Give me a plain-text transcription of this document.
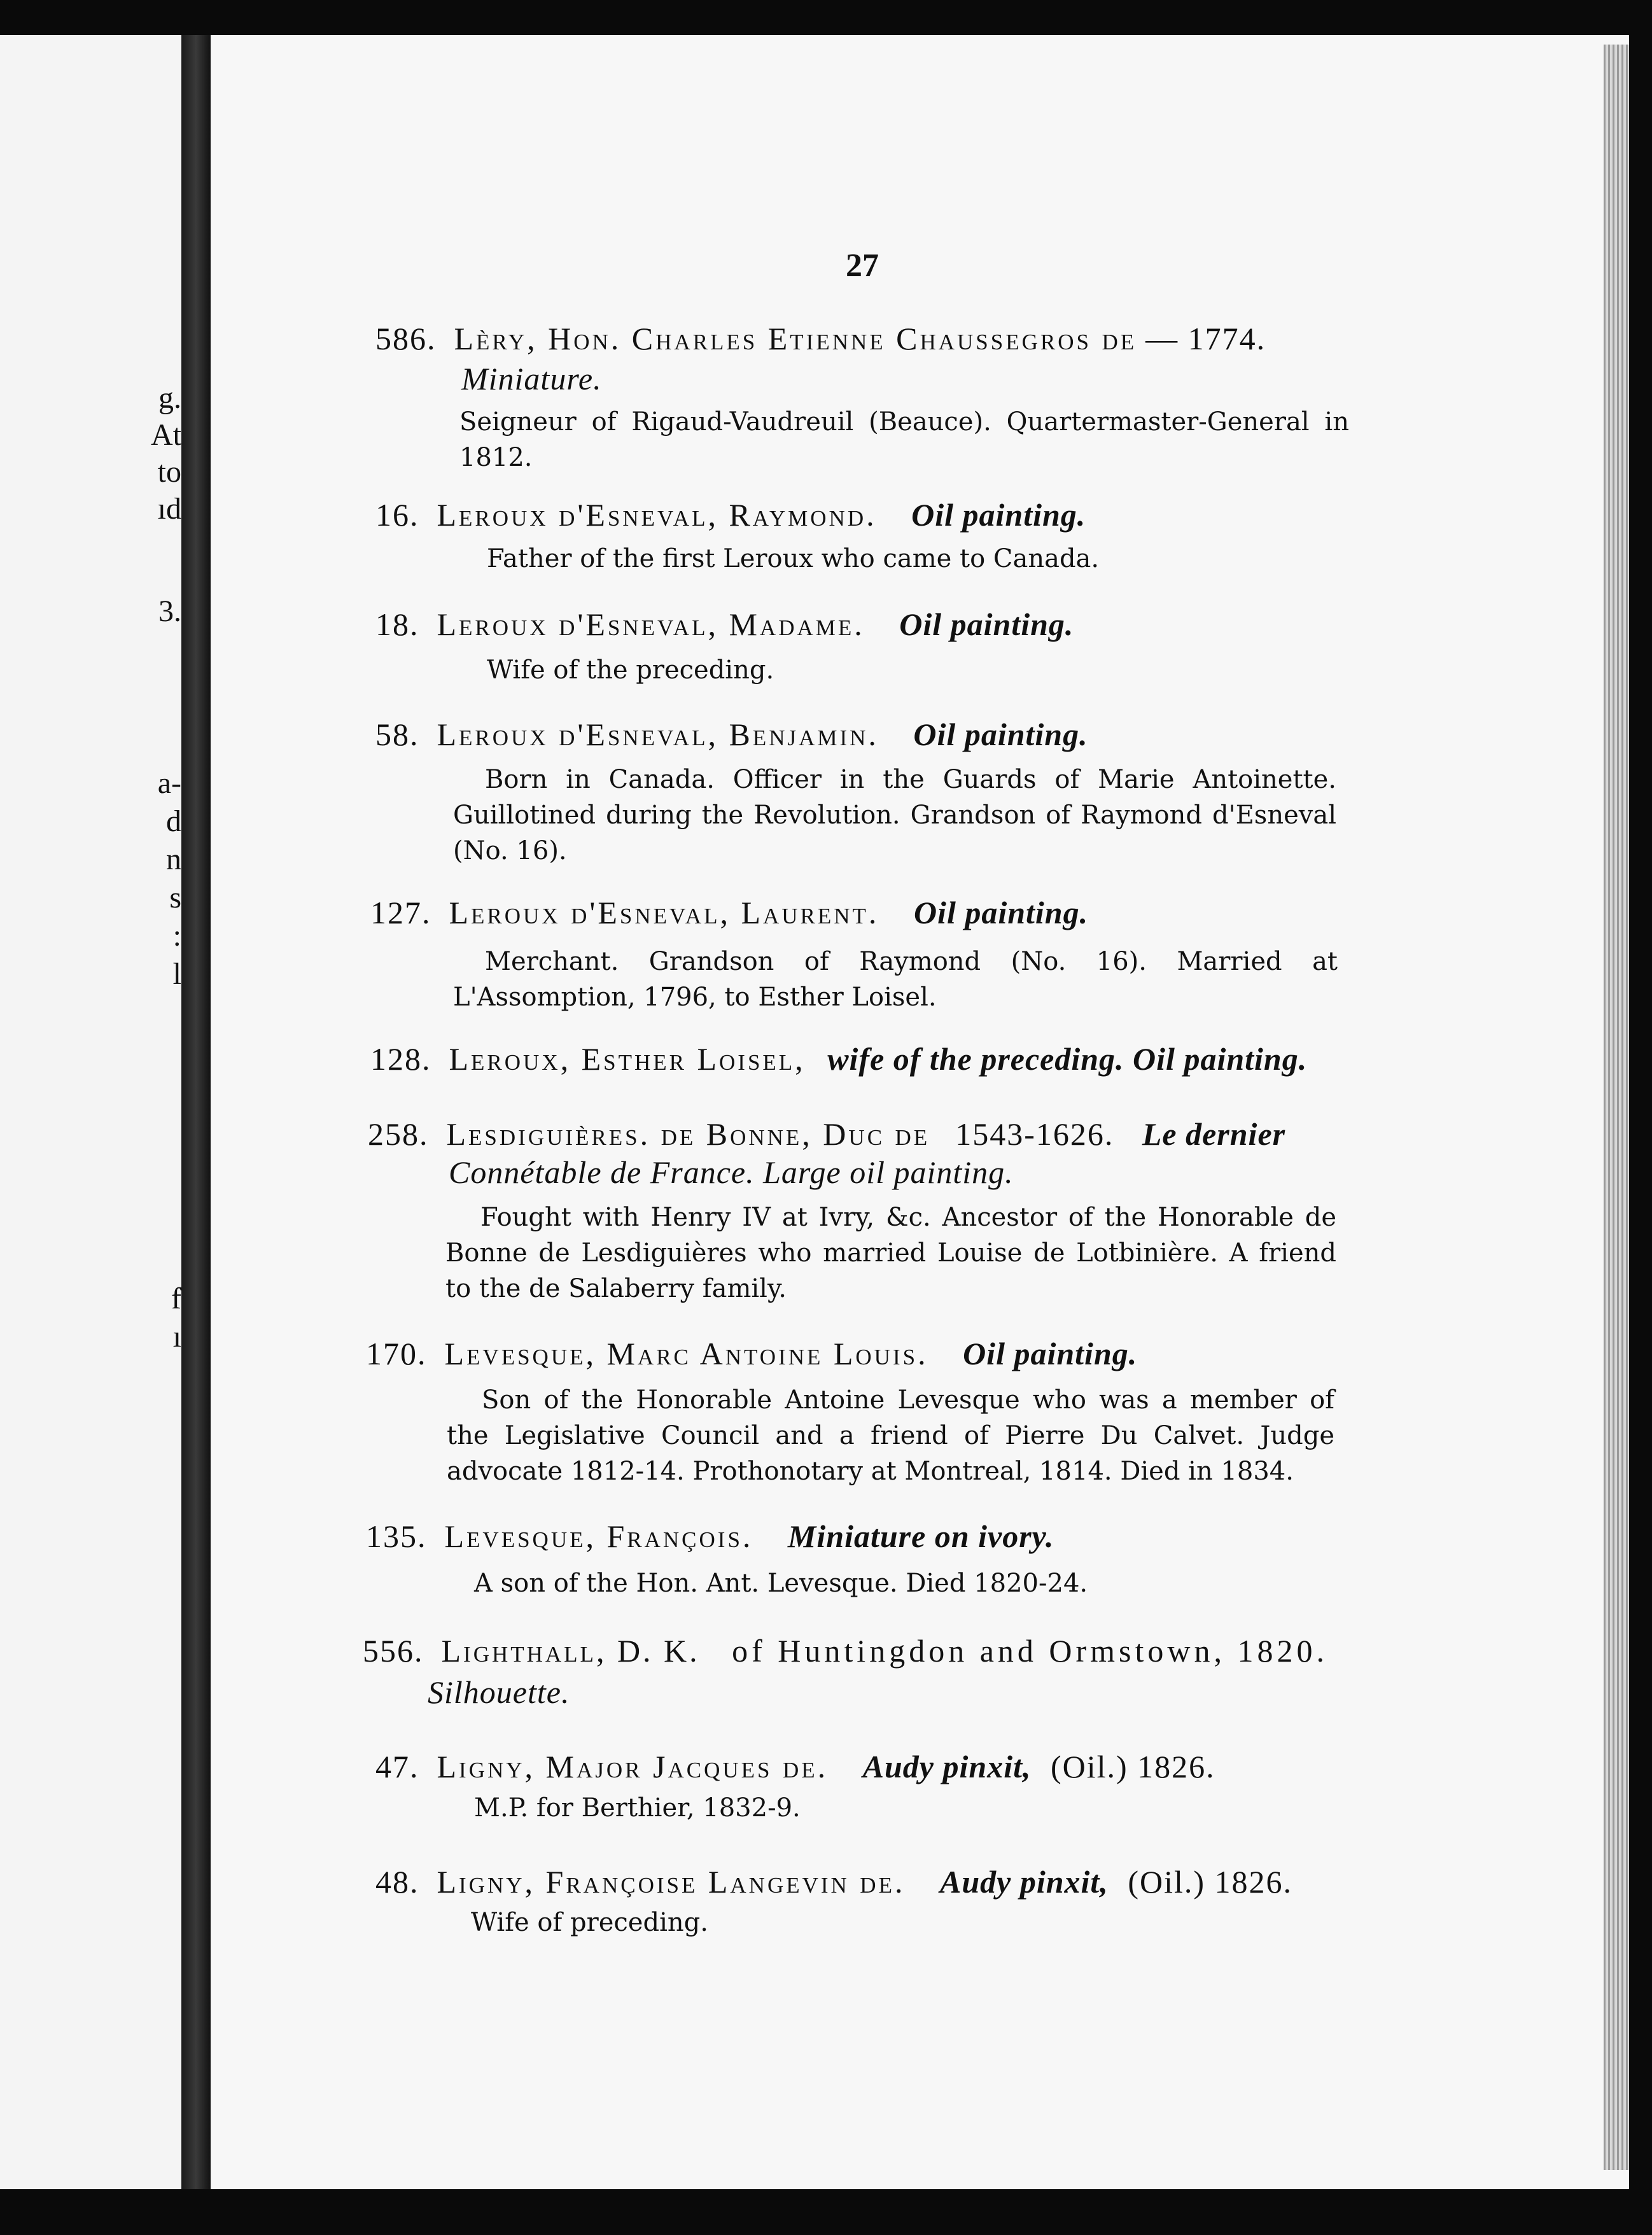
g.
At
to
ıd
3.
a-
d
n
s
:
l
f
ı
27
586. Lèry, Hon. Charles Etienne Chaussegros de — 1774.
Miniature.
Seigneur of Rigaud-Vaudreuil (Beauce). Quartermaster-General in 1812.
16. Leroux d'Esneval, Raymond. Oil painting.
Father of the first Leroux who came to Canada.
18. Leroux d'Esneval, Madame. Oil painting.
Wife of the preceding.
58. Leroux d'Esneval, Benjamin. Oil painting.
Born in Canada. Officer in the Guards of Marie Antoinette. Guillotined during the Revolution. Grandson of Raymond d'Esneval (No. 16).
127. Leroux d'Esneval, Laurent. Oil painting.
Merchant. Grandson of Raymond (No. 16). Married at L'Assomption, 1796, to Esther Loisel.
128. Leroux, Esther Loisel, wife of the preceding. Oil painting.
258. Lesdiguières. de Bonne, Duc de 1543-1626. Le dernier
Connétable de France. Large oil painting.
Fought with Henry IV at Ivry, &c. Ancestor of the Honorable de Bonne de Lesdiguières who married Louise de Lotbinière. A friend to the de Salaberry family.
170. Levesque, Marc Antoine Louis. Oil painting.
Son of the Honorable Antoine Levesque who was a member of the Legislative Council and a friend of Pierre Du Calvet. Judge advocate 1812-14. Prothonotary at Montreal, 1814. Died in 1834.
135. Levesque, François. Miniature on ivory.
A son of the Hon. Ant. Levesque. Died 1820-24.
556. Lighthall, D. K. of Huntingdon and Ormstown, 1820.
Silhouette.
47. Ligny, Major Jacques de. Audy pinxit, (Oil.) 1826.
M.P. for Berthier, 1832-9.
48. Ligny, Françoise Langevin de. Audy pinxit, (Oil.) 1826.
Wife of preceding.
